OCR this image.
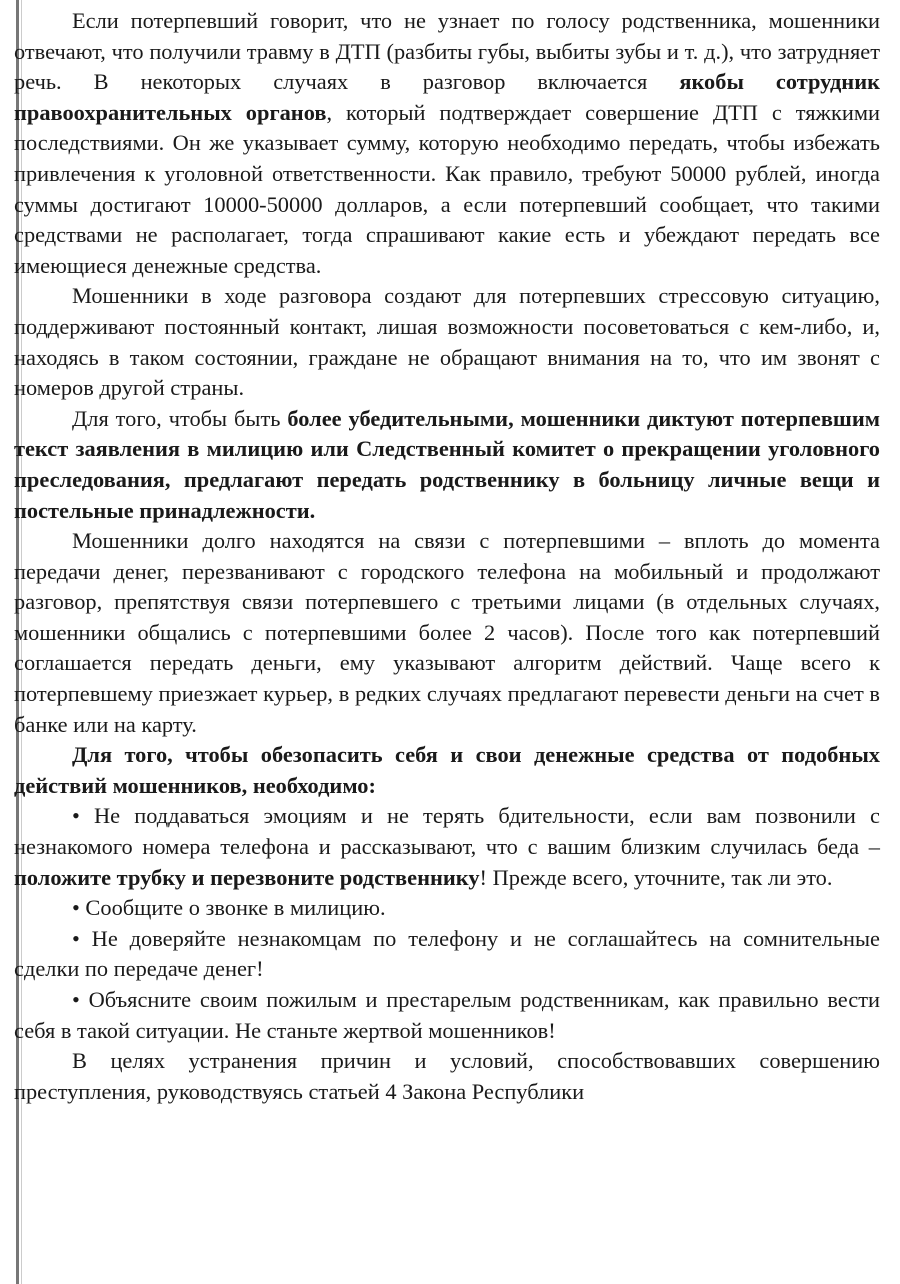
Если потерпевший говорит, что не узнает по голосу родственника, мошенники отвечают, что получили травму в ДТП (разбиты губы, выбиты зубы и т. д.), что затрудняет речь. В некоторых случаях в разговор включается якобы сотрудник правоохранительных органов, который подтверждает совершение ДТП с тяжкими последствиями. Он же указывает сумму, которую необходимо передать, чтобы избежать привлечения к уголовной ответственности. Как правило, требуют 50000 рублей, иногда суммы достигают 10000-50000 долларов, а если потерпевший сообщает, что такими средствами не располагает, тогда спрашивают какие есть и убеждают передать все имеющиеся денежные средства.

Мошенники в ходе разговора создают для потерпевших стрессовую ситуацию, поддерживают постоянный контакт, лишая возможности посоветоваться с кем-либо, и, находясь в таком состоянии, граждане не обращают внимания на то, что им звонят с номеров другой страны.

Для того, чтобы быть более убедительными, мошенники диктуют потерпевшим текст заявления в милицию или Следственный комитет о прекращении уголовного преследования, предлагают передать родственнику в больницу личные вещи и постельные принадлежности.

Мошенники долго находятся на связи с потерпевшими – вплоть до момента передачи денег, перезванивают с городского телефона на мобильный и продолжают разговор, препятствуя связи потерпевшего с третьими лицами (в отдельных случаях, мошенники общались с потерпевшими более 2 часов). После того как потерпевший соглашается передать деньги, ему указывают алгоритм действий. Чаще всего к потерпевшему приезжает курьер, в редких случаях предлагают перевести деньги на счет в банке или на карту.

Для того, чтобы обезопасить себя и свои денежные средства от подобных действий мошенников, необходимо:

• Не поддаваться эмоциям и не терять бдительности, если вам позвонили с незнакомого номера телефона и рассказывают, что с вашим близким случилась беда – положите трубку и перезвоните родственнику! Прежде всего, уточните, так ли это.

• Сообщите о звонке в милицию.

• Не доверяйте незнакомцам по телефону и не соглашайтесь на сомнительные сделки по передаче денег!

• Объясните своим пожилым и престарелым родственникам, как правильно вести себя в такой ситуации. Не станьте жертвой мошенников!

В целях устранения причин и условий, способствовавших совершению преступления, руководствуясь статьей 4 Закона Республики
